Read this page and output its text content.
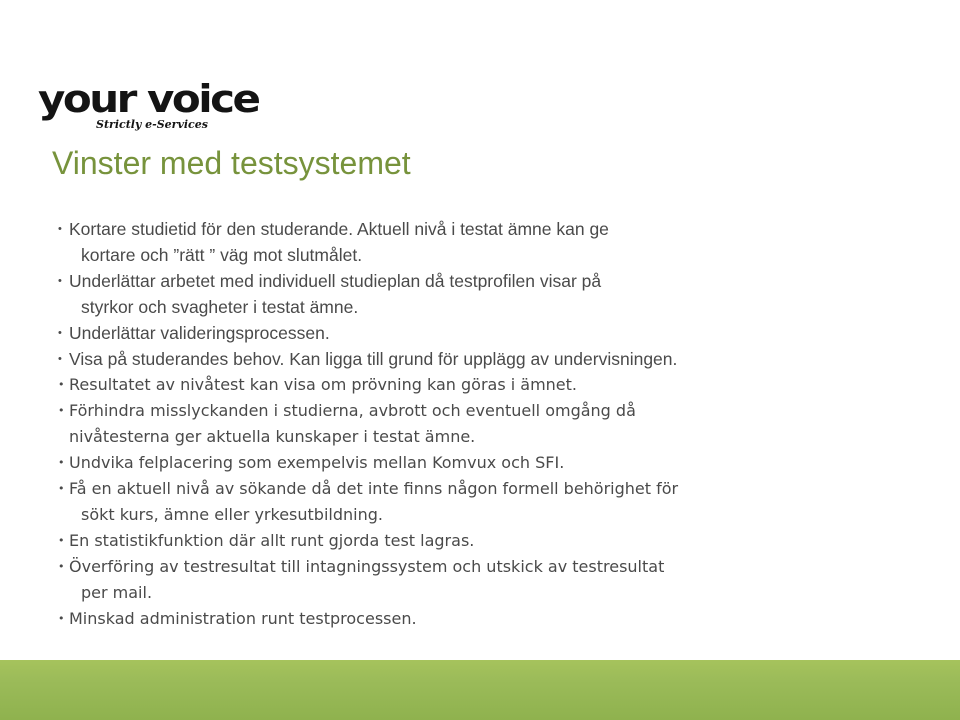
your voice
Strictly e-Services
Vinster med testsystemet
• Kortare studietid för den studerande. Aktuell nivå i testat ämne kan ge
kortare och ”rätt ” väg mot slutmålet.
• Underlättar arbetet med individuell studieplan då testprofilen visar på
styrkor och svagheter i testat ämne.
• Underlättar valideringsprocessen.
• Visa på studerandes behov. Kan ligga till grund för upplägg av undervisningen.
• Resultatet av nivåtest kan visa om prövning kan göras i ämnet.
• Förhindra misslyckanden i studierna, avbrott och eventuell omgång då
nivåtesterna ger aktuella kunskaper i testat ämne.
• Undvika felplacering som exempelvis mellan Komvux och SFI.
• Få en aktuell nivå av sökande då det inte finns någon formell behörighet för
sökt kurs, ämne eller yrkesutbildning.
• En statistikfunktion där allt runt gjorda test lagras.
• Överföring av testresultat till intagningssystem och utskick av testresultat
per mail.
• Minskad administration runt testprocessen.
